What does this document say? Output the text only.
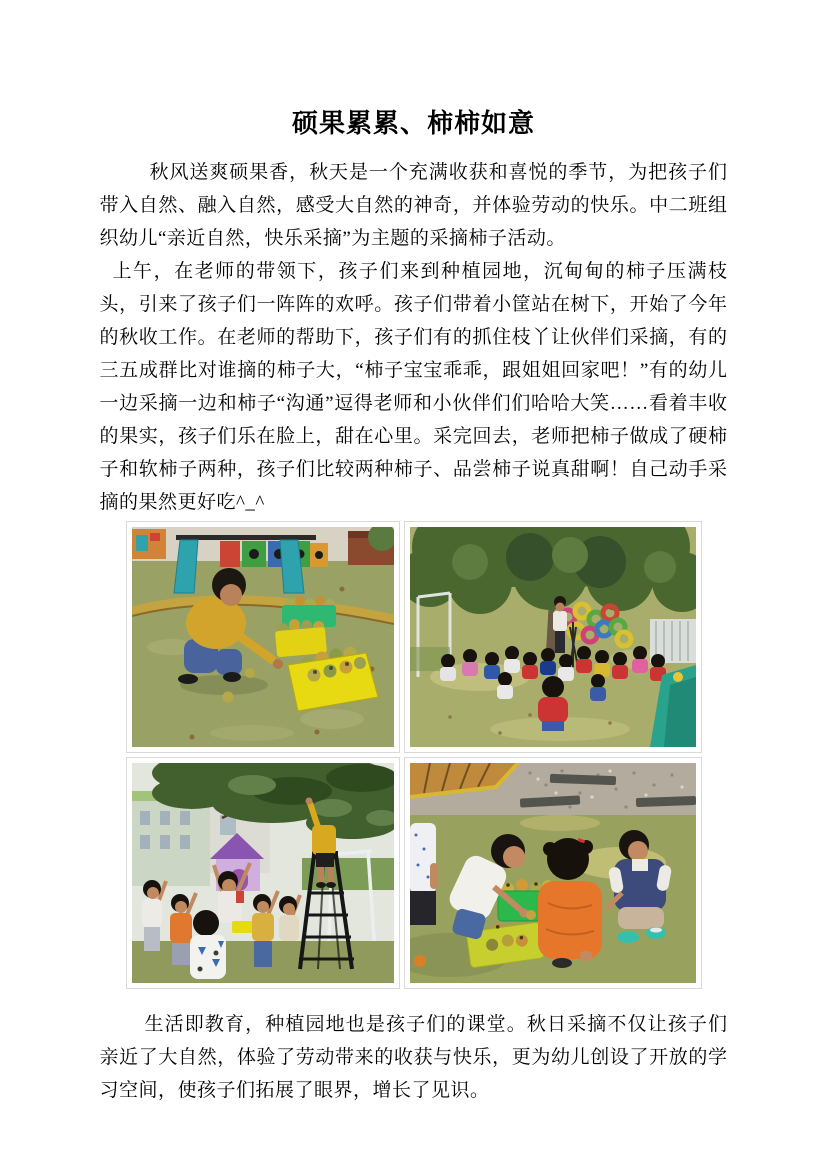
硕果累累、柿柿如意

秋风送爽硕果香，秋天是一个充满收获和喜悦的季节，为把孩子们带入自然、融入自然，感受大自然的神奇，并体验劳动的快乐。中二班组织幼儿“亲近自然，快乐采摘”为主题的采摘柿子活动。

上午，在老师的带领下，孩子们来到种植园地，沉甸甸的柿子压满枝头，引来了孩子们一阵阵的欢呼。孩子们带着小筐站在树下，开始了今年的秋收工作。在老师的帮助下，孩子们有的抓住枝丫让伙伴们采摘，有的三五成群比对谁摘的柿子大，“柿子宝宝乖乖，跟姐姐回家吧！”有的幼儿一边采摘一边和柿子“沟通”逗得老师和小伙伴们们哈哈大笑……看着丰收的果实，孩子们乐在脸上，甜在心里。采完回去，老师把柿子做成了硬柿子和软柿子两种，孩子们比较两种柿子、品尝柿子说真甜啊！自己动手采摘的果然更好吃^_^

生活即教育，种植园地也是孩子们的课堂。秋日采摘不仅让孩子们亲近了大自然，体验了劳动带来的收获与快乐，更为幼儿创设了开放的学习空间，使孩子们拓展了眼界，增长了见识。
